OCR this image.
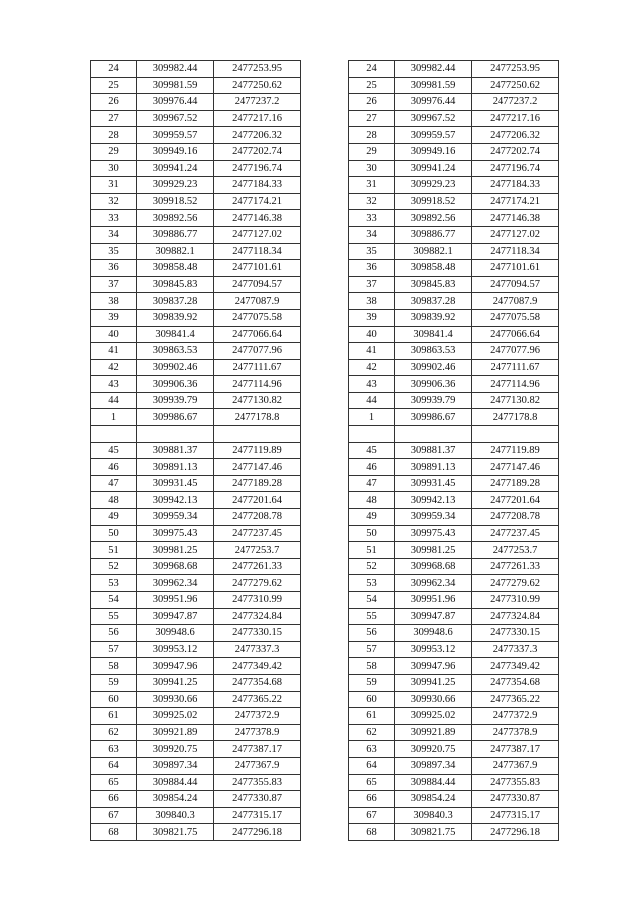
24	309982.44	2477253.95
25	309981.59	2477250.62
26	309976.44	2477237.2
27	309967.52	2477217.16
28	309959.57	2477206.32
29	309949.16	2477202.74
30	309941.24	2477196.74
31	309929.23	2477184.33
32	309918.52	2477174.21
33	309892.56	2477146.38
34	309886.77	2477127.02
35	309882.1	2477118.34
36	309858.48	2477101.61
37	309845.83	2477094.57
38	309837.28	2477087.9
39	309839.92	2477075.58
40	309841.4	2477066.64
41	309863.53	2477077.96
42	309902.46	2477111.67
43	309906.36	2477114.96
44	309939.79	2477130.82
1	309986.67	2477178.8

45	309881.37	2477119.89
46	309891.13	2477147.46
47	309931.45	2477189.28
48	309942.13	2477201.64
49	309959.34	2477208.78
50	309975.43	2477237.45
51	309981.25	2477253.7
52	309968.68	2477261.33
53	309962.34	2477279.62
54	309951.96	2477310.99
55	309947.87	2477324.84
56	309948.6	2477330.15
57	309953.12	2477337.3
58	309947.96	2477349.42
59	309941.25	2477354.68
60	309930.66	2477365.22
61	309925.02	2477372.9
62	309921.89	2477378.9
63	309920.75	2477387.17
64	309897.34	2477367.9
65	309884.44	2477355.83
66	309854.24	2477330.87
67	309840.3	2477315.17
68	309821.75	2477296.18
24	309982.44	2477253.95
25	309981.59	2477250.62
26	309976.44	2477237.2
27	309967.52	2477217.16
28	309959.57	2477206.32
29	309949.16	2477202.74
30	309941.24	2477196.74
31	309929.23	2477184.33
32	309918.52	2477174.21
33	309892.56	2477146.38
34	309886.77	2477127.02
35	309882.1	2477118.34
36	309858.48	2477101.61
37	309845.83	2477094.57
38	309837.28	2477087.9
39	309839.92	2477075.58
40	309841.4	2477066.64
41	309863.53	2477077.96
42	309902.46	2477111.67
43	309906.36	2477114.96
44	309939.79	2477130.82
1	309986.67	2477178.8

45	309881.37	2477119.89
46	309891.13	2477147.46
47	309931.45	2477189.28
48	309942.13	2477201.64
49	309959.34	2477208.78
50	309975.43	2477237.45
51	309981.25	2477253.7
52	309968.68	2477261.33
53	309962.34	2477279.62
54	309951.96	2477310.99
55	309947.87	2477324.84
56	309948.6	2477330.15
57	309953.12	2477337.3
58	309947.96	2477349.42
59	309941.25	2477354.68
60	309930.66	2477365.22
61	309925.02	2477372.9
62	309921.89	2477378.9
63	309920.75	2477387.17
64	309897.34	2477367.9
65	309884.44	2477355.83
66	309854.24	2477330.87
67	309840.3	2477315.17
68	309821.75	2477296.18
